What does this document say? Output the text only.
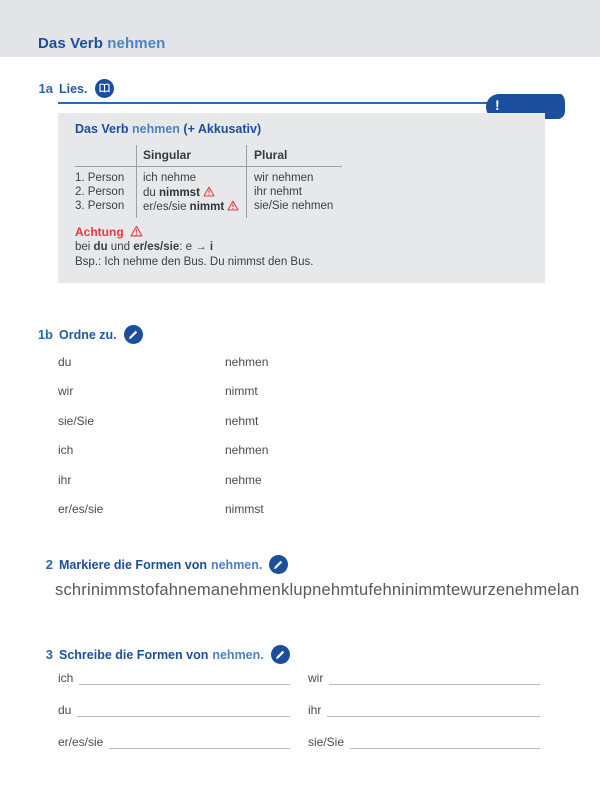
Das Verb nehmen
1a Lies.
!
Das Verb nehmen (+ Akkusativ)
Singular	Plural
1. Person ich nehme	wir nehmen
2. Person du nimmst	ihr nehmt
3. Person er/es/sie nimmt	sie/Sie nehmen
Achtung
bei du und er/es/sie: e → i
Bsp.: Ich nehme den Bus. Du nimmst den Bus.
1b Ordne zu.
du	nehmen
wir	nimmt
sie/Sie	nehmt
ich	nehmen
ihr	nehme
er/es/sie	nimmst
2 Markiere die Formen von nehmen.
schrinimmstofahnemanehmenklupnehmtufehninimmtewurzenehmelan
3 Schreibe die Formen von nehmen.
ich
du
er/es/sie
wir
ihr
sie/Sie
